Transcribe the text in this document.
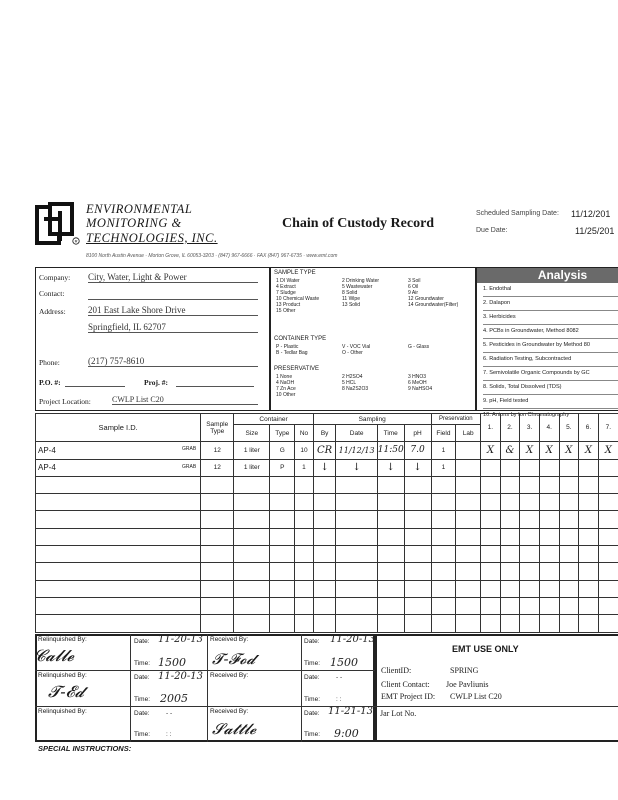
R
ENVIRONMENTAL
MONITORING &
TECHNOLOGIES, INC.
8100 North Austin Avenue · Morton Grove, IL 60053-3203 · (847) 967-6666 · FAX (847) 967-6735 · www.emt.com
Chain of Custody Record
Scheduled Sampling Date: 11/12/201
Due Date:	11/25/201
Company: City, Water, Light & Power
Contact:
Address: 201 East Lake Shore Drive
Springfield, IL 62707
Phone:	(217) 757-8610
P.O. #:	Proj. #:
Project Location:	CWLP List C20
SAMPLE TYPE
1 DI Water	2 Drinking Water	3 Soil
4 Extract	5 Wastewater	6 Oil
7 Sludge	8 Solid	9 Air
10 Chemical Waste	11 Wipe	12 Groundwater
13 Product	13 Solid	14 Groundwater(Filter)
15 Other
CONTAINER TYPE
P - Plastic	V - VOC Vial	G - Glass
B - Tedlar Bag	O - Other
PRESERVATIVE
1 None	2 H2SO4	3 HNO3
4 NaOH	5 HCL	6 MeOH
7 Zn Ace	8 Na2S2O3	9 NaHSO4
10 Other
Analysis
1. Endothal
2. Dalapon
3. Herbicides
4. PCBs in Groundwater, Method 8082
5. Pesticides in Groundwater by Method 80
6. Radiation Testing, Subcontracted
7. Semivolatile Organic Compounds by GC
8. Solids, Total Dissolved (TDS)
9. pH, Field tested
10. Anions by Ion Chromatography
Sample I.D.	Sample Type	Container			Sampling				Preservation		1.	2.	3.	4.	5.	6.	7.
		Size	Type	No	By	Date	Time	pH	Field	Lab							
AP-4 GRAB	12	1 liter	G	10	CR	11/12/13	11:50	7.0	1		X	&	X	X	X	X	X
AP-4 GRAB	12	1 liter	P	1	↓	↓	↓	↓	1								

Relinquished By:
𝓒𝓪𝓵𝓵𝓮
Date: 11-20-13
Time: 1500
Received By:
𝓣-𝓕𝓸𝓭
Date: 11-20-13
Time: 1500
Relinquished By:
𝓣-𝓔𝓭
Date: 11-20-13
Time: 2005
Received By:	Date:	- -
Time: : :
Relinquished By:	Date:	- -
Time: : :
Received By:
𝓢𝓪𝓽𝓽𝓵𝓮
Date: 11-21-13
Time: 9:00
EMT USE ONLY
ClientID:	SPRING
Client Contact: Joe Pavliunis
EMT Project ID: CWLP List C20
Jar Lot No.
SPECIAL INSTRUCTIONS:
